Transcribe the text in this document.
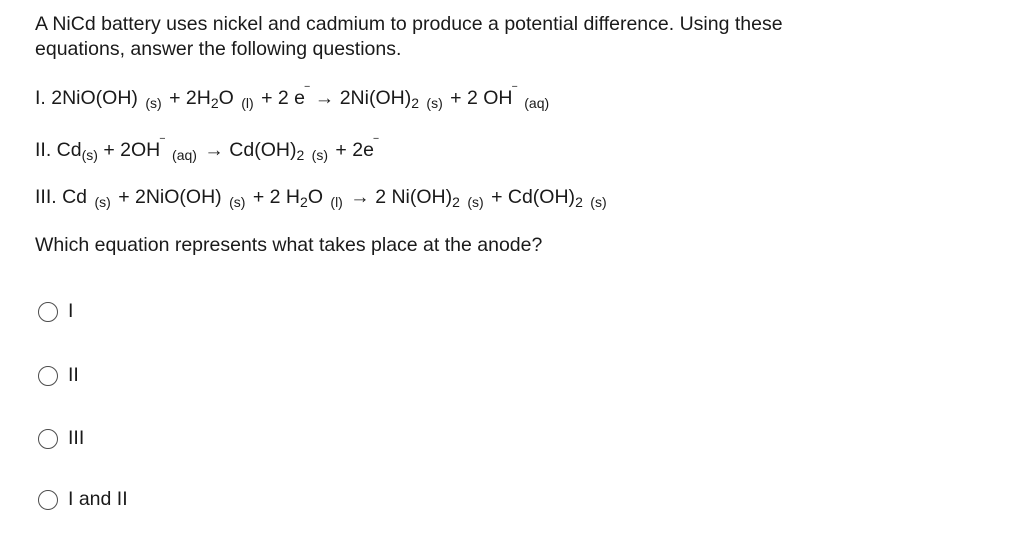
A NiCd battery uses nickel and cadmium to produce a potential difference. Using these equations, answer the following questions.
I. 2NiO(OH) $_{(s)} + 2H_2O$ $_{(l)}$ + 2 $e^‾ \to 2Ni(OH)_2$ $_{(s)}$ + 2 OH‾ $_{(aq)}$
II. $Cd_{(s)} + 2OH^‾$ $_{(aq)} \to Cd(OH)_2$ $_{(s)}$ + 2e‾
III. Cd $_{(s)}$ + 2NiO(OH) $_{(s)}$ + 2 $H_2O$ $_{(l)}$ → 2 $Ni(OH)_2$ $_{(s)} + Cd(OH)_2$ $_{(s)}$
Which equation represents what takes place at the anode?
I
II
III
I and II
